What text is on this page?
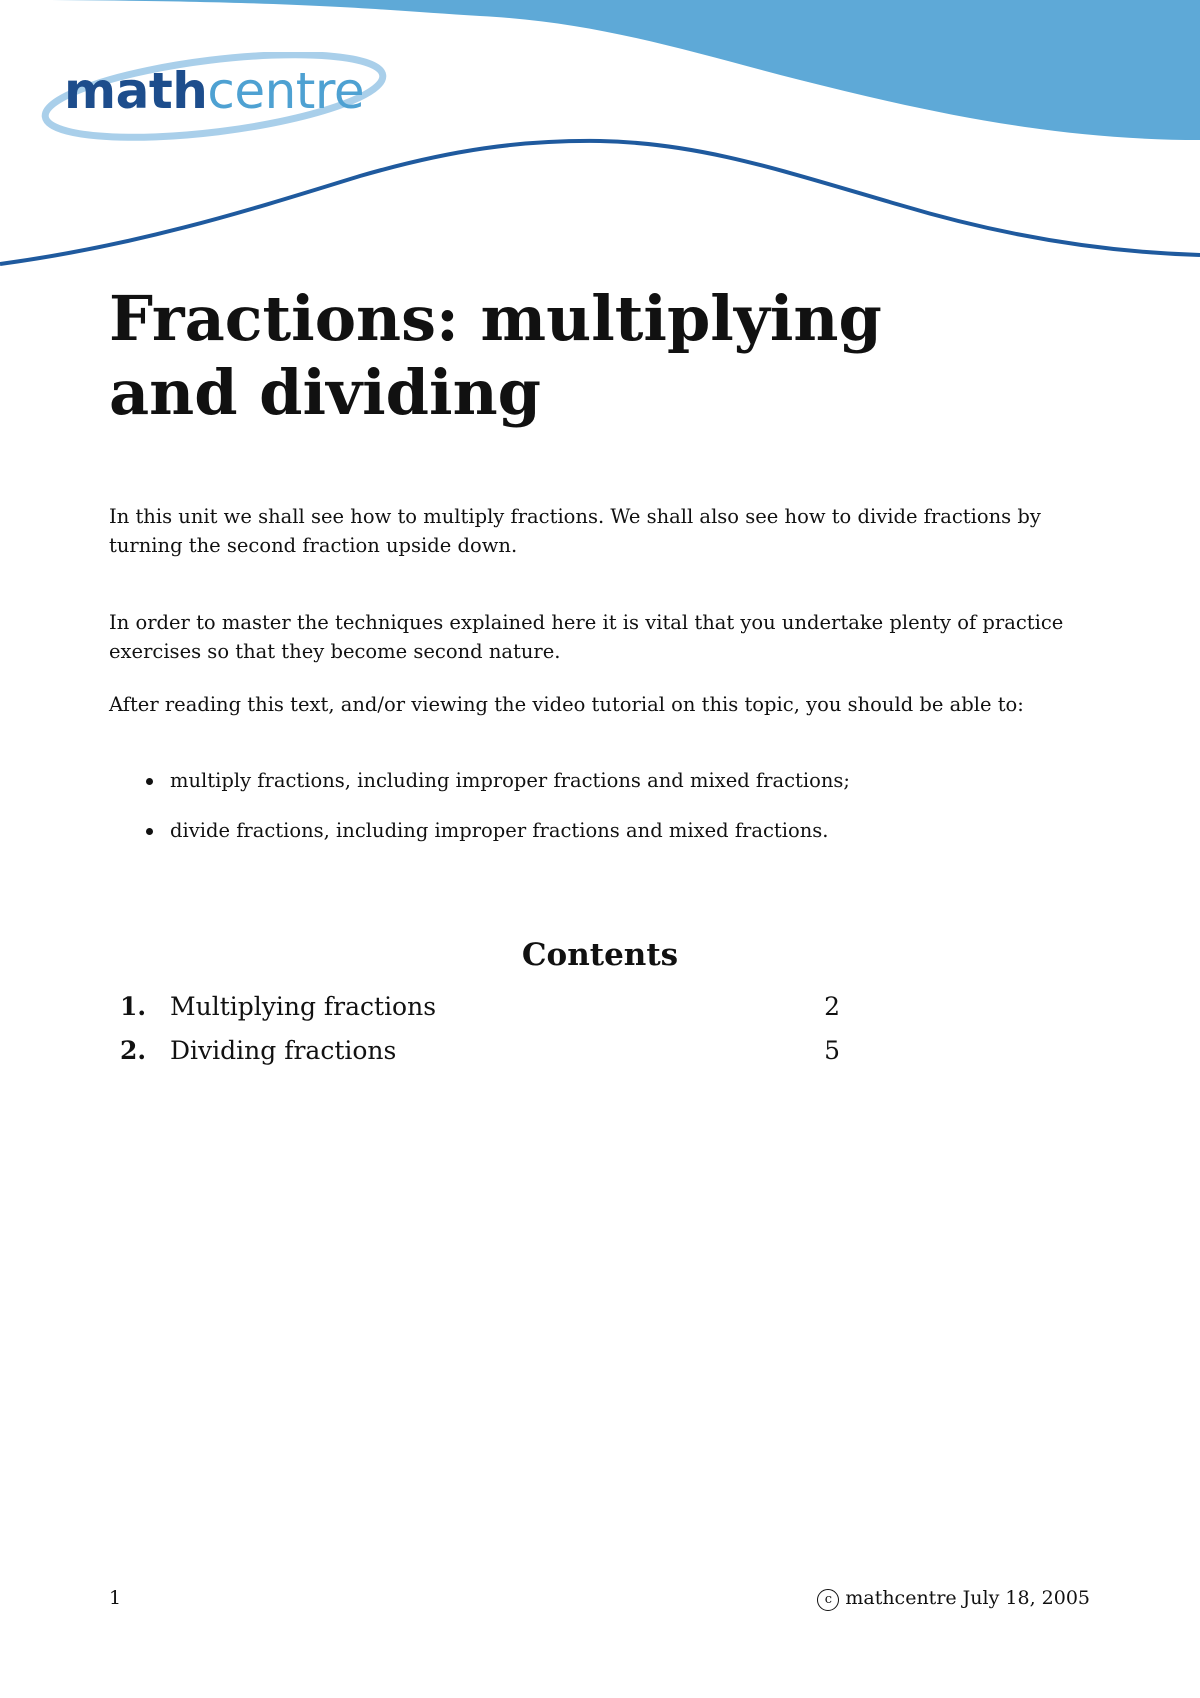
mathcentre
Fractions: multiplying
and dividing

In this unit we shall see how to multiply fractions. We shall also see how to divide fractions by turning the second fraction upside down.

In order to master the techniques explained here it is vital that you undertake plenty of practice exercises so that they become second nature.

After reading this text, and/or viewing the video tutorial on this topic, you should be able to:

multiply fractions, including improper fractions and mixed fractions;
divide fractions, including improper fractions and mixed fractions.
Contents
1. Multiplying fractions	2
2. Dividing fractions	5
1	c mathcentre July 18, 2005
